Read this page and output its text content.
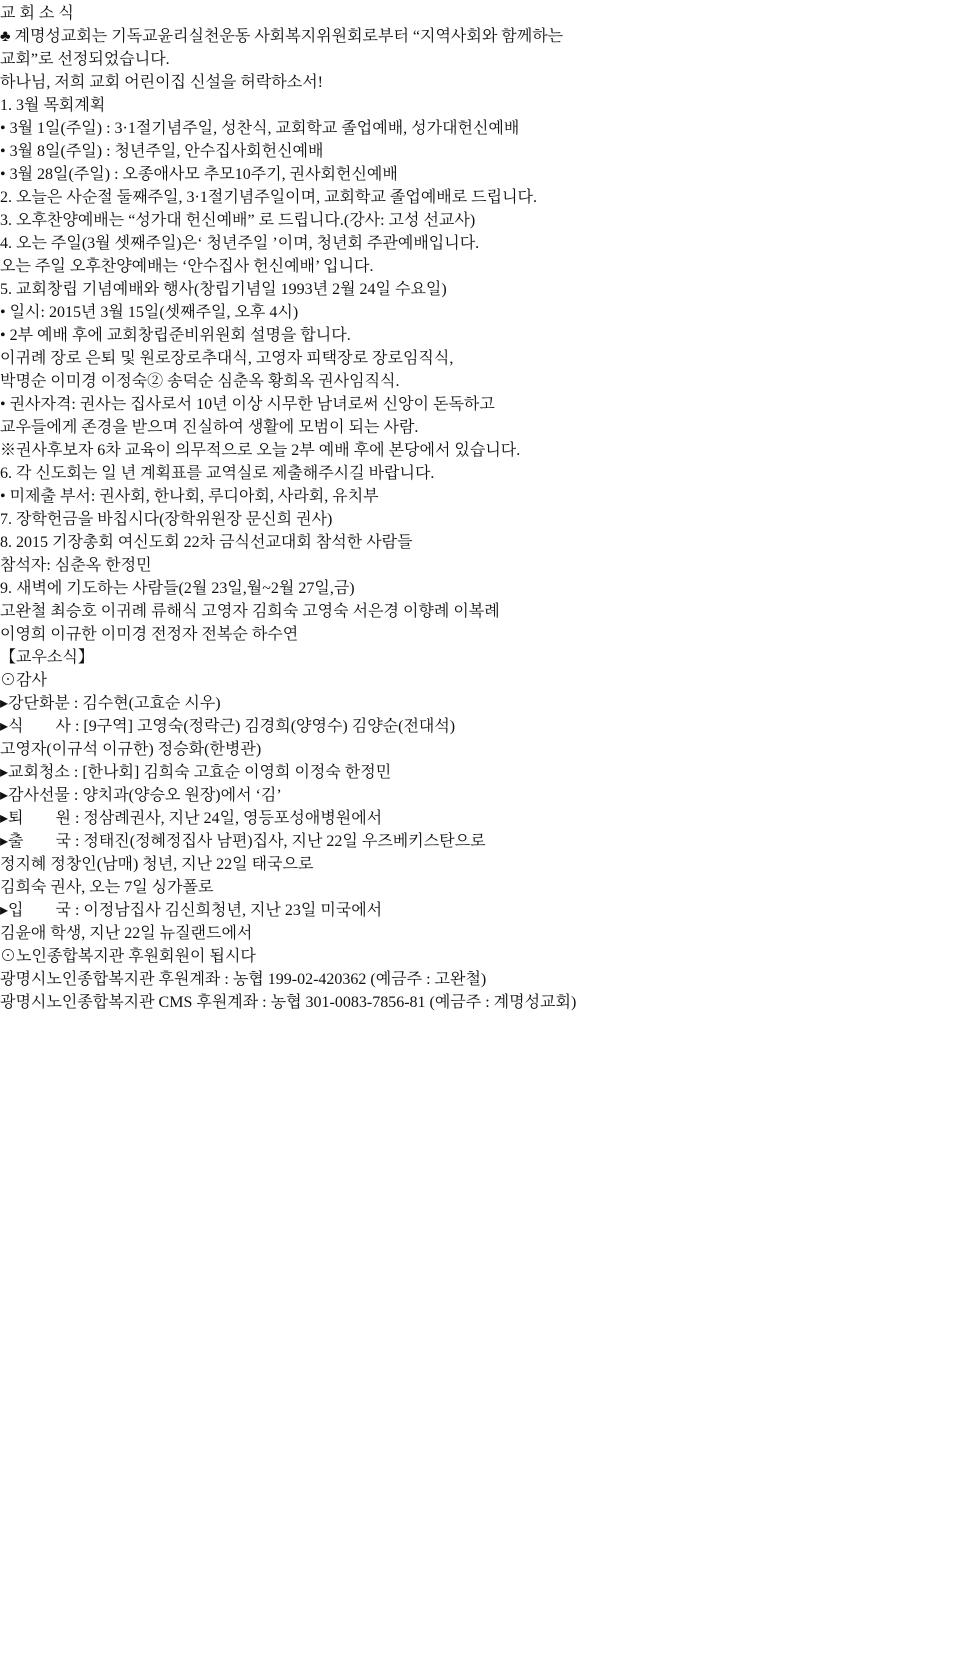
교 회 소 식
♣ 계명성교회는 기독교윤리실천운동 사회복지위원회로부터 “지역사회와 함께하는
교회”로 선정되었습니다.
하나님, 저희 교회 어린이집 신설을 허락하소서!
1. 3월 목회계획
• 3월 1일(주일) : 3·1절기념주일, 성찬식, 교회학교 졸업예배, 성가대헌신예배
• 3월 8일(주일) : 청년주일, 안수집사회헌신예배
• 3월 28일(주일) : 오종애사모 추모10주기, 권사회헌신예배
2. 오늘은 사순절 둘째주일, 3·1절기념주일이며, 교회학교 졸업예배로 드립니다.
3. 오후찬양예배는 “성가대 헌신예배” 로 드립니다.(강사: 고성 선교사)
4. 오는 주일(3월 셋째주일)은‘ 청년주일 ’이며, 청년회 주관예배입니다.
오는 주일 오후찬양예배는 ‘안수집사 헌신예배’ 입니다.
5. 교회창립 기념예배와 행사(창립기념일 1993년 2월 24일 수요일)
• 일시: 2015년 3월 15일(셋째주일, 오후 4시)
• 2부 예배 후에 교회창립준비위원회 설명을 합니다.
이귀례 장로 은퇴 및 원로장로추대식, 고영자 피택장로 장로임직식,
박명순 이미경 이정숙② 송덕순 심춘옥 황희옥 권사임직식.
• 권사자격: 권사는 집사로서 10년 이상 시무한 남녀로써 신앙이 돈독하고
교우들에게 존경을 받으며 진실하여 생활에 모범이 되는 사람.
※권사후보자 6차 교육이 의무적으로 오늘 2부 예배 후에 본당에서 있습니다.
6. 각 신도회는 일 년 계획표를 교역실로 제출해주시길 바랍니다.
• 미제출 부서: 권사회, 한나회, 루디아회, 사라회, 유치부
7. 장학헌금을 바칩시다(장학위원장 문신희 권사)
8. 2015 기장총회 여신도회 22차 금식선교대회 참석한 사람들
참석자: 심춘옥 한정민
9. 새벽에 기도하는 사람들(2월 23일,월~2월 27일,금)
고완철 최승호 이귀례 류해식 고영자 김희숙 고영숙 서은경 이향례 이복례
이영희 이규한 이미경 전정자 전복순 하수연
【교우소식】
⊙감사
▸강단화분 : 김수현(고효순 시우)
▸식　　사 : [9구역] 고영숙(정락근) 김경희(양영수) 김양순(전대석)
고영자(이규석 이규한) 정승화(한병관)
▸교회청소 : [한나회] 김희숙 고효순 이영희 이정숙 한정민
▸감사선물 : 양치과(양승오 원장)에서 ‘김’
▸퇴　　원 : 정삼례권사, 지난 24일, 영등포성애병원에서
▸출　　국 : 정태진(정혜정집사 남편)집사, 지난 22일 우즈베키스탄으로
정지혜 정창인(남매) 청년, 지난 22일 태국으로
김희숙 권사, 오는 7일 싱가폴로
▸입　　국 : 이정남집사 김신희청년, 지난 23일 미국에서
김윤애 학생, 지난 22일 뉴질랜드에서
⊙노인종합복지관 후원회원이 됩시다
광명시노인종합복지관 후원계좌 : 농협 199-02-420362 (예금주 : 고완철)
광명시노인종합복지관 CMS 후원계좌 : 농협 301-0083-7856-81 (예금주 : 계명성교회)
